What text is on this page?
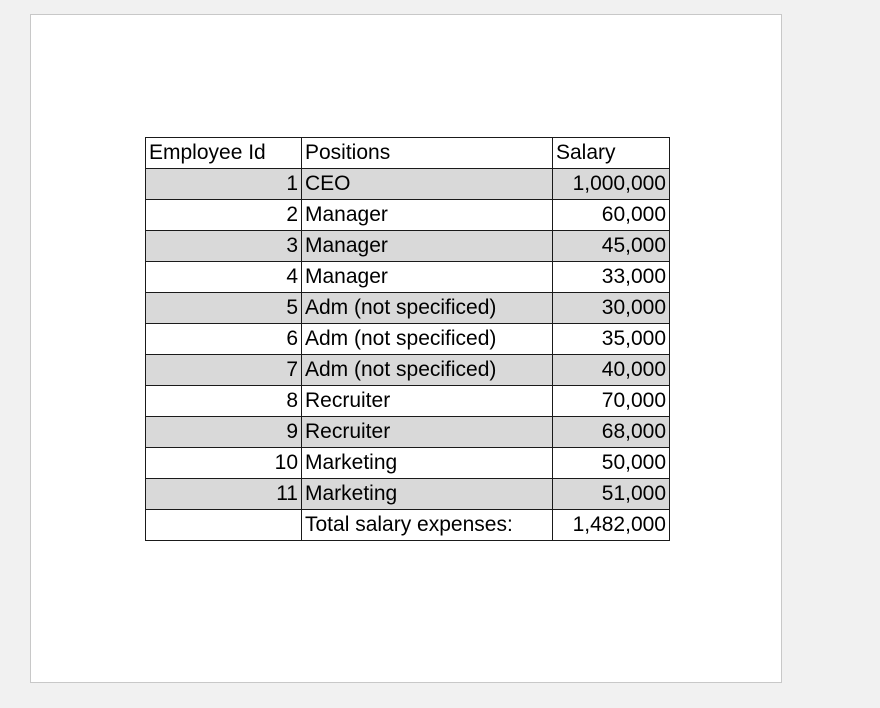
Employee Id	Positions	Salary
1	CEO	1,000,000
2	Manager	60,000
3	Manager	45,000
4	Manager	33,000
5	Adm (not specificed)	30,000
6	Adm (not specificed)	35,000
7	Adm (not specificed)	40,000
8	Recruiter	70,000
9	Recruiter	68,000
10	Marketing	50,000
11	Marketing	51,000
	Total salary expenses:	1,482,000
